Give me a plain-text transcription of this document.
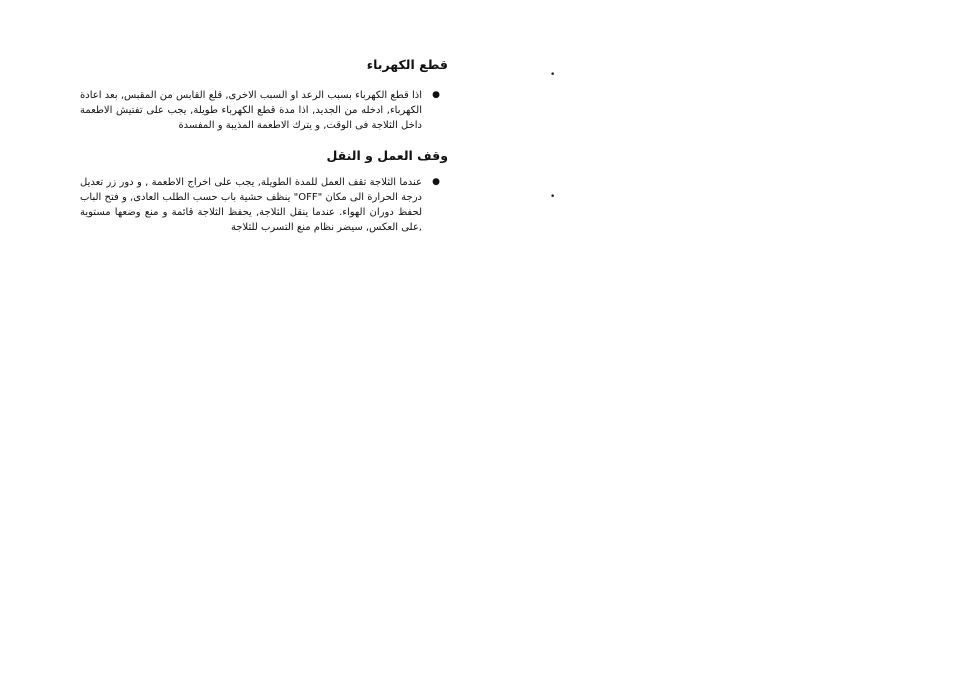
•
•
قطع الكهرباء
●

اذا قطع الكهرباء بسبب الرعد او السبب الاخرى, قلع القابس من المقبس, بعد اعادة الكهرباء, ادخله من الجديد, اذا مدة قطع الكهرباء طويلة, يجب على تفتيش الاطعمة داخل الثلاجة فى الوقت, و يترك الاطعمة المذيبة و المفسدة

وقف العمل و النقل
●

عندما الثلاجة تقف العمل للمدة الطويلة, يجب على اخراج الاطعمة , و دور زر تعديل درجة الحرارة الى مكان "OFF" ينظف حشية باب حسب الطلب العادى, و فتح الباب لحفظ دوران الهواء. عندما ينقل الثلاجة, يحفظ الثلاجة قائمة و منع وضعها مستوية ,على العكس, سيضر نظام منع التسرب للثلاجة
